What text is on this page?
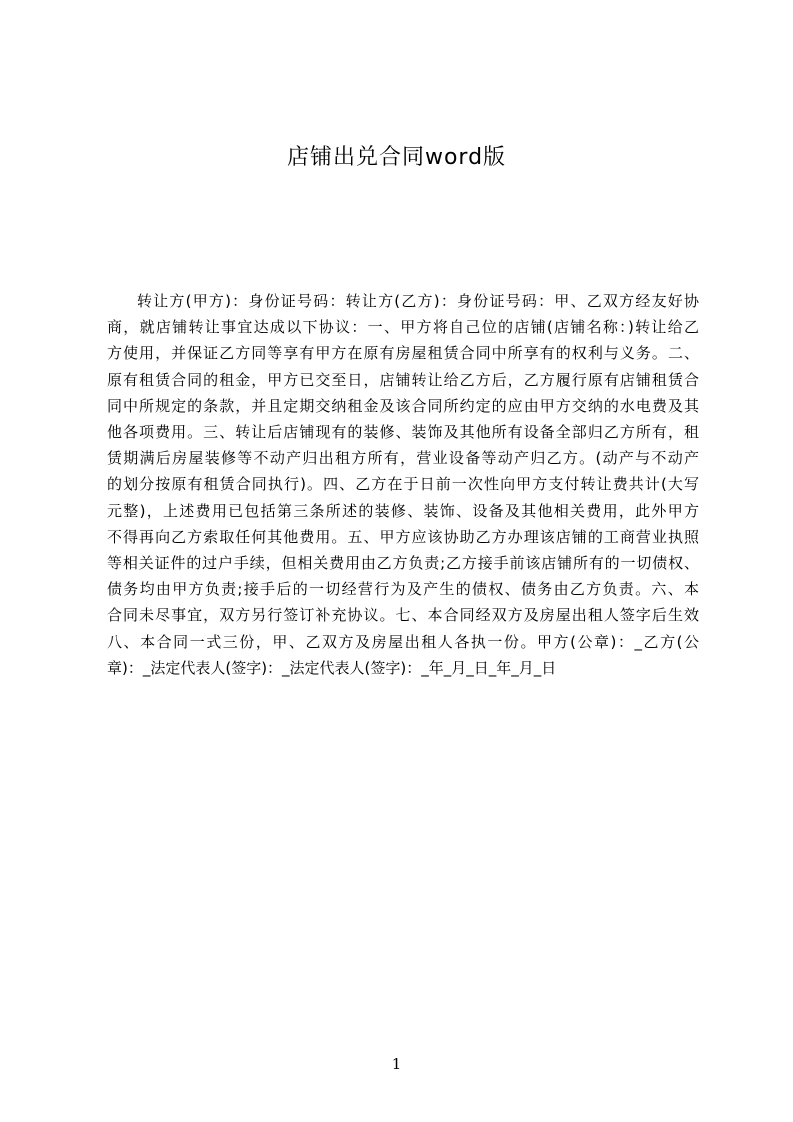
店铺出兑合同word版
转让方(甲方)：身份证号码：转让方(乙方)：身份证号码：甲、乙双方经友好协
商，就店铺转让事宜达成以下协议：一、甲方将自己位的店铺(店铺名称：)转让给乙
方使用，并保证乙方同等享有甲方在原有房屋租赁合同中所享有的权利与义务。二、
原有租赁合同的租金，甲方已交至日，店铺转让给乙方后，乙方履行原有店铺租赁合
同中所规定的条款，并且定期交纳租金及该合同所约定的应由甲方交纳的水电费及其
他各项费用。三、转让后店铺现有的装修、装饰及其他所有设备全部归乙方所有，租
赁期满后房屋装修等不动产归出租方所有，营业设备等动产归乙方。(动产与不动产
的划分按原有租赁合同执行)。四、乙方在于日前一次性向甲方支付转让费共计(大写
元整)，上述费用已包括第三条所述的装修、装饰、设备及其他相关费用，此外甲方
不得再向乙方索取任何其他费用。五、甲方应该协助乙方办理该店铺的工商营业执照
等相关证件的过户手续，但相关费用由乙方负责;乙方接手前该店铺所有的一切债权、
债务均由甲方负责;接手后的一切经营行为及产生的债权、债务由乙方负责。六、本
合同未尽事宜，双方另行签订补充协议。七、本合同经双方及房屋出租人签字后生效
八、本合同一式三份，甲、乙双方及房屋出租人各执一份。甲方(公章)：_乙方(公
章)：_法定代表人(签字)：_法定代表人(签字)：_年_月_日_年_月_日
1
